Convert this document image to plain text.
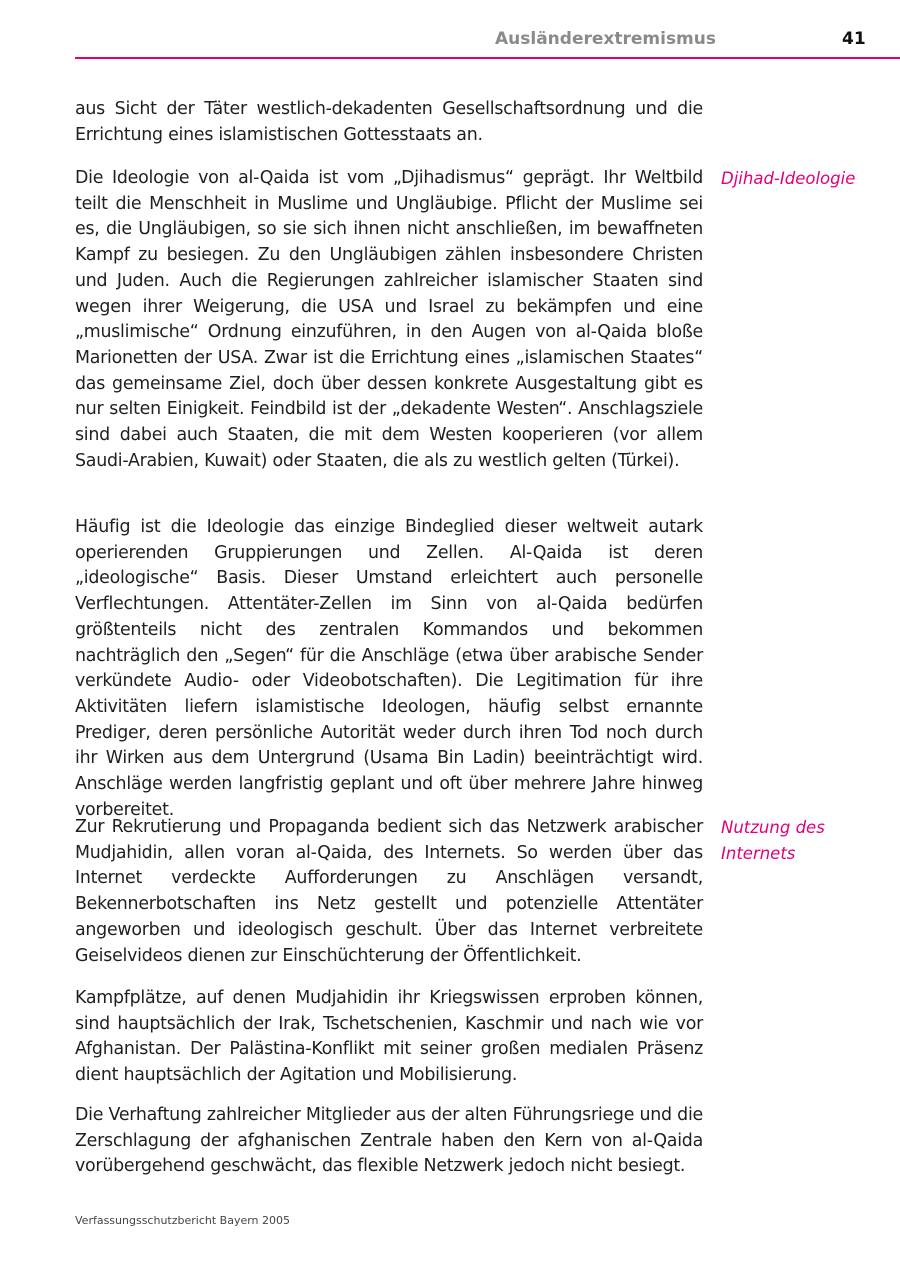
Ausländerextremismus	41

aus Sicht der Täter westlich-dekadenten Gesellschaftsordnung und die Errichtung eines islamistischen Gottesstaats an.

Die Ideologie von al-Qaida ist vom „Djihadismus“ geprägt. Ihr Weltbild teilt die Menschheit in Muslime und Ungläubige. Pflicht der Muslime sei es, die Ungläubigen, so sie sich ihnen nicht anschließen, im bewaffneten Kampf zu besiegen. Zu den Ungläubigen zählen insbesondere Christen und Juden. Auch die Regierungen zahlreicher islamischer Staaten sind wegen ihrer Weigerung, die USA und Israel zu bekämpfen und eine „muslimische“ Ordnung einzuführen, in den Augen von al-Qaida bloße Marionetten der USA. Zwar ist die Errichtung eines „islamischen Staates“ das gemeinsame Ziel, doch über dessen konkrete Ausgestaltung gibt es nur selten Einigkeit. Feindbild ist der „dekadente Westen“. Anschlagsziele sind dabei auch Staaten, die mit dem Westen kooperieren (vor allem Saudi-Arabien, Kuwait) oder Staaten, die als zu westlich gelten (Türkei).

Djihad-Ideologie

Häufig ist die Ideologie das einzige Bindeglied dieser weltweit autark operierenden Gruppierungen und Zellen. Al-Qaida ist deren „ideologische“ Basis. Dieser Umstand erleichtert auch personelle Verflechtungen. Attentäter-Zellen im Sinn von al-Qaida bedürfen größtenteils nicht des zentralen Kommandos und bekommen nachträglich den „Segen“ für die Anschläge (etwa über arabische Sender verkündete Audio- oder Videobotschaften). Die Legitimation für ihre Aktivitäten liefern islamistische Ideologen, häufig selbst ernannte Prediger, deren persönliche Autorität weder durch ihren Tod noch durch ihr Wirken aus dem Untergrund (Usama Bin Ladin) beeinträchtigt wird. Anschläge werden langfristig geplant und oft über mehrere Jahre hinweg vorbereitet.

Zur Rekrutierung und Propaganda bedient sich das Netzwerk arabischer Mudjahidin, allen voran al-Qaida, des Internets. So werden über das Internet verdeckte Aufforderungen zu Anschlägen versandt, Bekennerbotschaften ins Netz gestellt und potenzielle Attentäter angeworben und ideologisch geschult. Über das Internet verbreitete Geiselvideos dienen zur Einschüchterung der Öffentlichkeit.

Nutzung des Internets

Kampfplätze, auf denen Mudjahidin ihr Kriegswissen erproben können, sind hauptsächlich der Irak, Tschetschenien, Kaschmir und nach wie vor Afghanistan. Der Palästina-Konflikt mit seiner großen medialen Präsenz dient hauptsächlich der Agitation und Mobilisierung.

Die Verhaftung zahlreicher Mitglieder aus der alten Führungsriege und die Zerschlagung der afghanischen Zentrale haben den Kern von al-Qaida vorübergehend geschwächt, das flexible Netzwerk jedoch nicht besiegt.

Verfassungsschutzbericht Bayern 2005
